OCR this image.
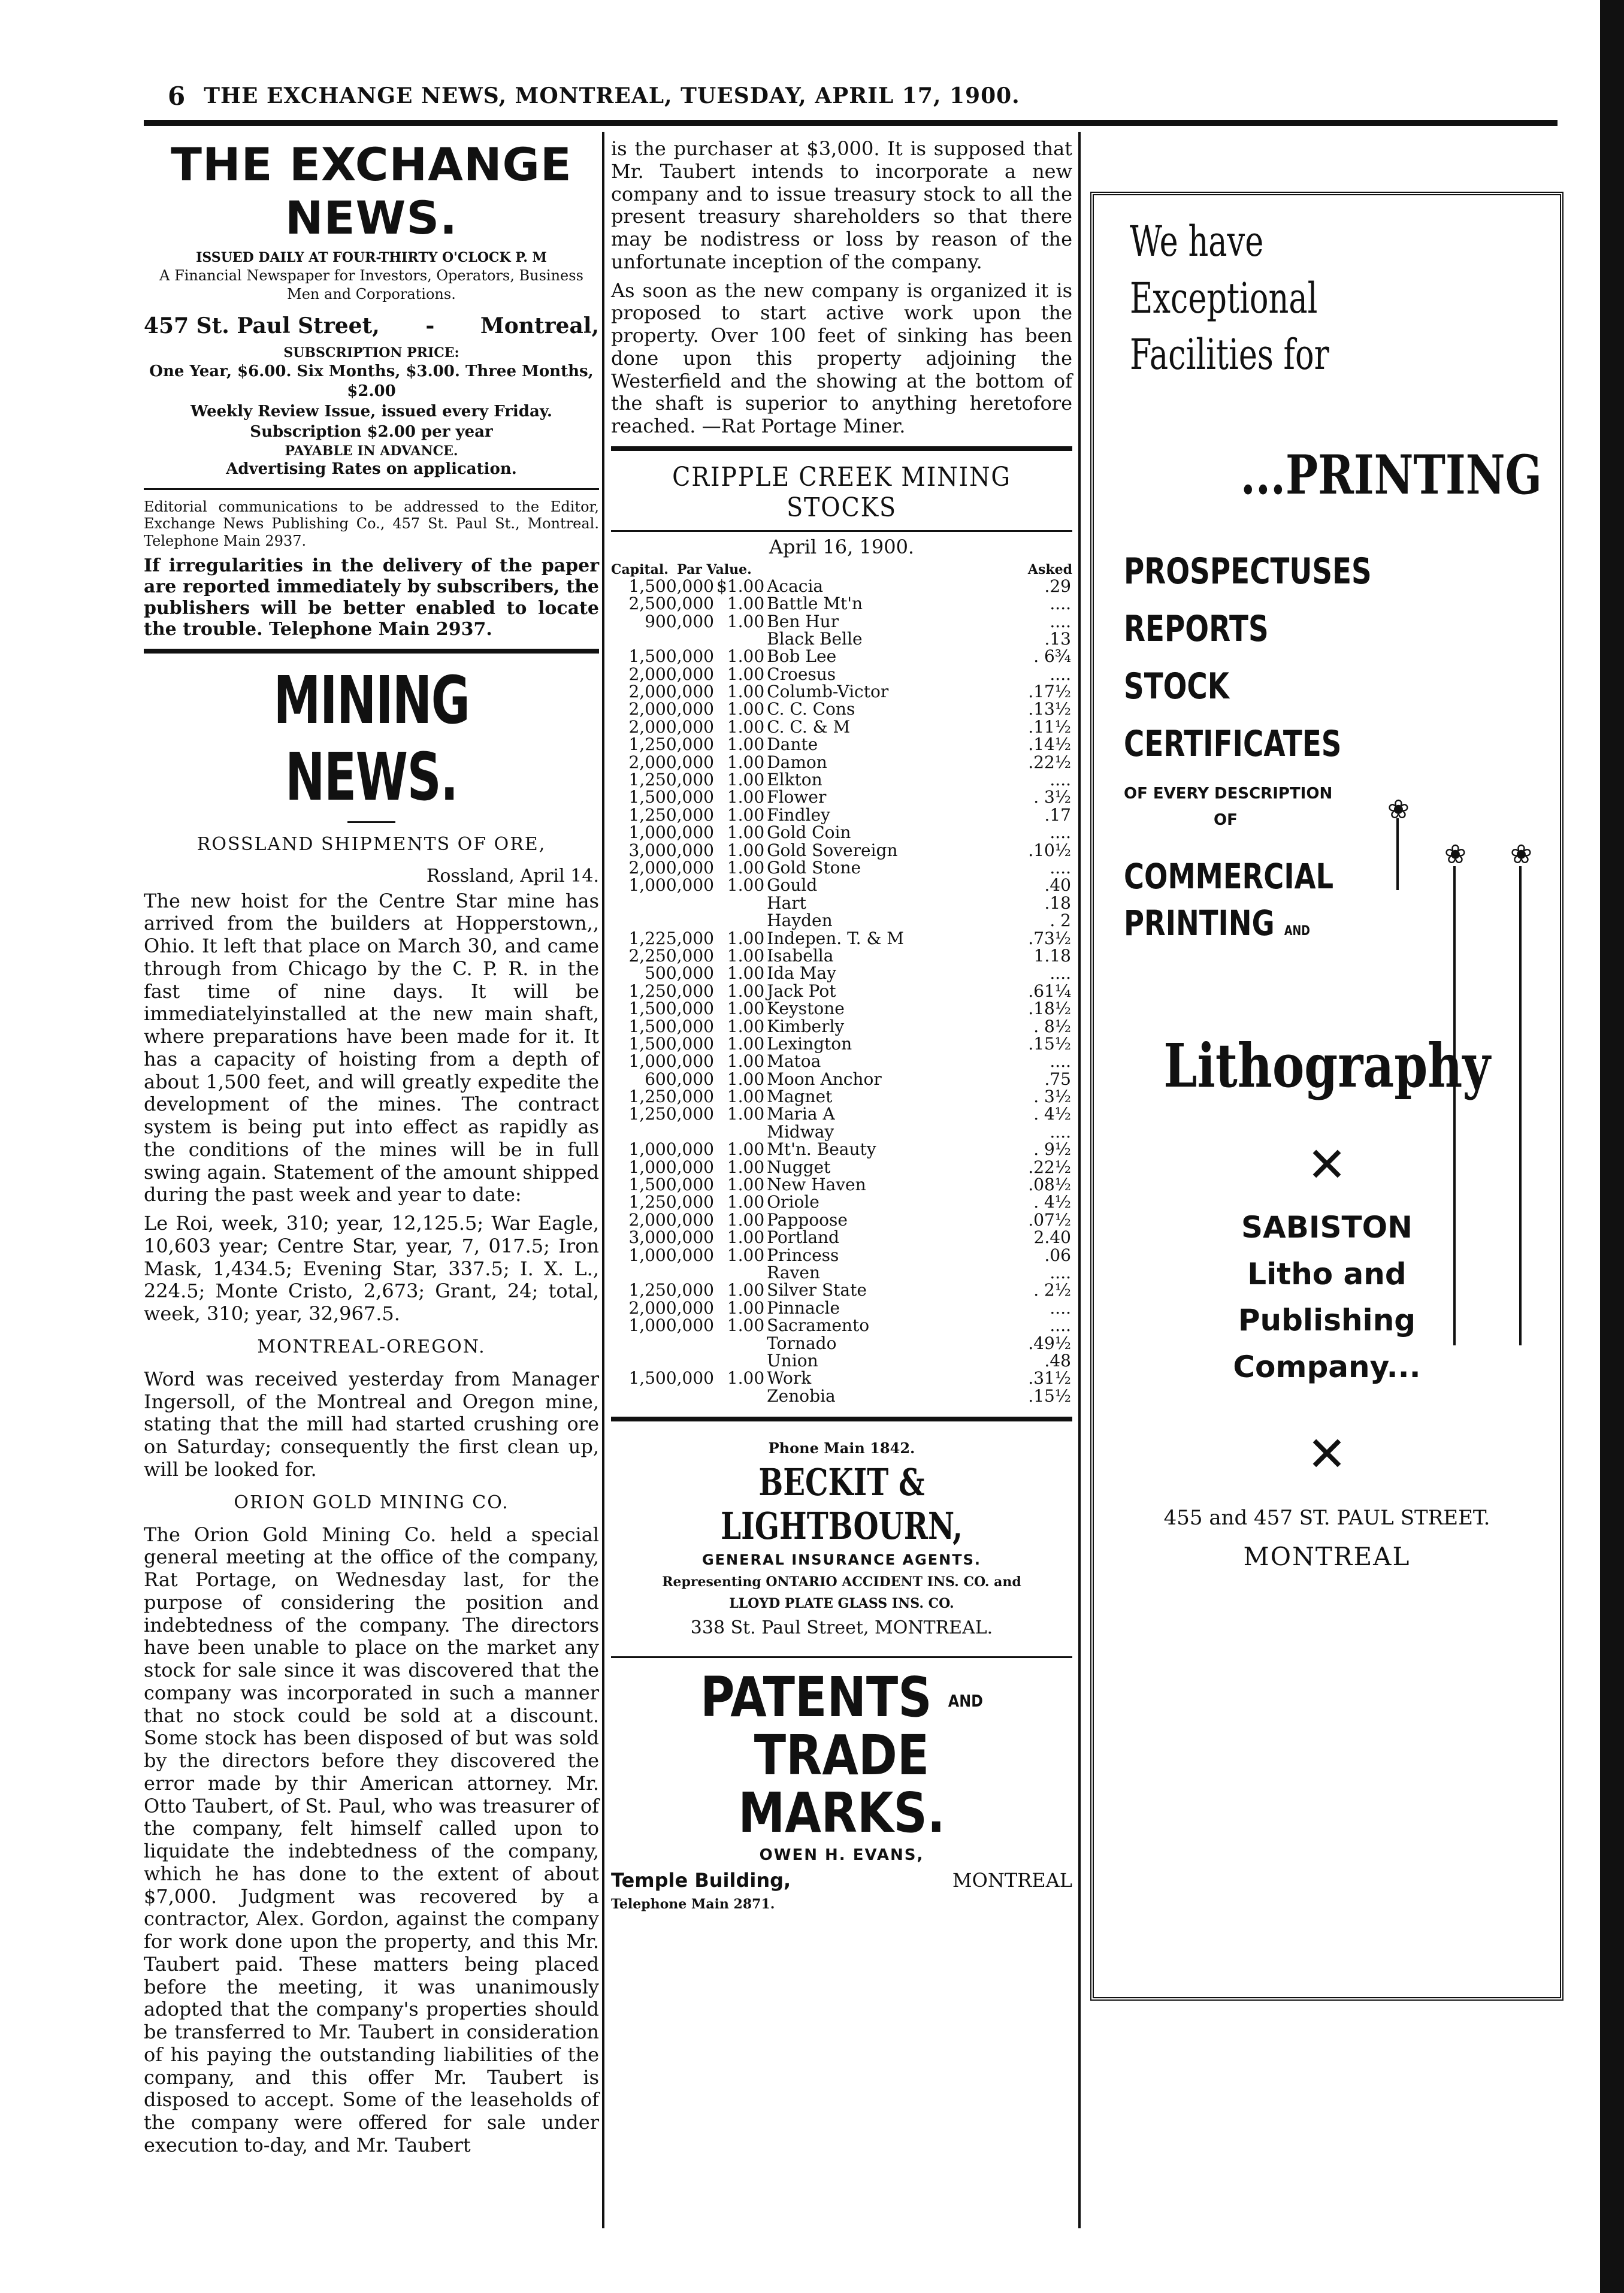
6 THE EXCHANGE NEWS, MONTREAL, TUESDAY, APRIL 17, 1900.
THE EXCHANGE NEWS.
ISSUED DAILY AT FOUR-THIRTY O'CLOCK P. M
A Financial Newspaper for Investors, Operators, Business Men and Corporations.
457 St. Paul Street, - Montreal,
SUBSCRIPTION PRICE:
One Year, $6.00. Six Months, $3.00. Three Months, $2.00
Weekly Review Issue, issued every Friday.
Subscription $2.00 per year
PAYABLE IN ADVANCE.
Advertising Rates on application.
Editorial communications to be addressed to the Editor, Exchange News Publishing Co., 457 St. Paul St., Montreal. Telephone Main 2937.
If irregularities in the delivery of the paper are reported immediately by subscribers, the publishers will be better enabled to locate the trouble. Telephone Main 2937.
MINING NEWS.
ROSSLAND SHIPMENTS OF ORE,
Rossland, April 14.
The new hoist for the Centre Star mine has arrived from the builders at Hopperstown,, Ohio. It left that place on March 30, and came through from Chicago by the C. P. R. in the fast time of nine days. It will be immediatelyinstalled at the new main shaft, where preparations have been made for it. It has a capacity of hoisting from a depth of about 1,500 feet, and will greatly expedite the development of the mines. The contract system is being put into effect as rapidly as the conditions of the mines will be in full swing again. Statement of the amount shipped during the past week and year to date:
Le Roi, week, 310; year, 12,125.5; War Eagle, 10,603 year; Centre Star, year, 7, 017.5; Iron Mask, 1,434.5; Evening Star, 337.5; I. X. L., 224.5; Monte Cristo, 2,673; Grant, 24; total, week, 310; year, 32,967.5.
MONTREAL-OREGON.
Word was received yesterday from Manager Ingersoll, of the Montreal and Oregon mine, stating that the mill had started crushing ore on Saturday; consequently the first clean up, will be looked for.
ORION GOLD MINING CO.
The Orion Gold Mining Co. held a special general meeting at the office of the company, Rat Portage, on Wednesday last, for the purpose of considering the position and indebtedness of the company. The directors have been unable to place on the market any stock for sale since it was discovered that the company was incorporated in such a manner that no stock could be sold at a discount. Some stock has been disposed of but was sold by the directors before they discovered the error made by thir American attorney. Mr. Otto Taubert, of St. Paul, who was treasurer of the company, felt himself called upon to liquidate the indebtedness of the company, which he has done to the extent of about $7,000. Judgment was recovered by a contractor, Alex. Gordon, against the company for work done upon the property, and this Mr. Taubert paid. These matters being placed before the meeting, it was unanimously adopted that the company's properties should be transferred to Mr. Taubert in consideration of his paying the outstanding liabilities of the company, and this offer Mr. Taubert is disposed to accept. Some of the leaseholds of the company were offered for sale under execution to-day, and Mr. Taubert
is the purchaser at $3,000. It is supposed that Mr. Taubert intends to incorporate a new company and to issue treasury stock to all the present treasury shareholders so that there may be nodistress or loss by reason of the unfortunate inception of the company.
As soon as the new company is organized it is proposed to start active work upon the property. Over 100 feet of sinking has been done upon this property adjoining the Westerfield and the showing at the bottom of the shaft is superior to anything heretofore reached. —Rat Portage Miner.
CRIPPLE CREEK MINING STOCKS
April 16, 1900.
Capital. Par Value.	Asked
1,500,000	$1.00	Acacia	.29
2,500,000	1.00	Battle Mt'n	....
900,000	1.00	Ben Hur	....
		Black Belle	.13
1,500,000	1.00	Bob Lee	. 6¾
2,000,000	1.00	Croesus	....
2,000,000	1.00	Columb-Victor	.17½
2,000,000	1.00	C. C. Cons	.13½
2,000,000	1.00	C. C. & M	.11½
1,250,000	1.00	Dante	.14½
2,000,000	1.00	Damon	.22½
1,250,000	1.00	Elkton	....
1,500,000	1.00	Flower	. 3½
1,250,000	1.00	Findley	.17
1,000,000	1.00	Gold Coin	....
3,000,000	1.00	Gold Sovereign	.10½
2,000,000	1.00	Gold Stone	....
1,000,000	1.00	Gould	.40
		Hart	.18
		Hayden	. 2
1,225,000	1.00	Indepen. T. & M	.73½
2,250,000	1.00	Isabella	1.18
500,000	1.00	Ida May	....
1,250,000	1.00	Jack Pot	.61¼
1,500,000	1.00	Keystone	.18½
1,500,000	1.00	Kimberly	. 8½
1,500,000	1.00	Lexington	.15½
1,000,000	1.00	Matoa	....
600,000	1.00	Moon Anchor	.75
1,250,000	1.00	Magnet	. 3½
1,250,000	1.00	Maria A	. 4½
		Midway	....
1,000,000	1.00	Mt'n. Beauty	. 9½
1,000,000	1.00	Nugget	.22½
1,500,000	1.00	New Haven	.08½
1,250,000	1.00	Oriole	. 4½
2,000,000	1.00	Pappoose	.07½
3,000,000	1.00	Portland	2.40
1,000,000	1.00	Princess	.06
		Raven	....
1,250,000	1.00	Silver State	. 2½
2,000,000	1.00	Pinnacle	....
1,000,000	1.00	Sacramento	....
		Tornado	.49½
		Union	.48
1,500,000	1.00	Work	.31½
		Zenobia	.15½
Phone Main 1842.
BECKIT & LIGHTBOURN,
GENERAL INSURANCE AGENTS.
Representing ONTARIO ACCIDENT INS. CO. and
LLOYD PLATE GLASS INS. CO.
338 St. Paul Street, MONTREAL.
PATENTS AND
TRADE MARKS.
OWEN H. EVANS,
Temple Building,	MONTREAL
Telephone Main 2871.
We have
Exceptional
Facilities for
...PRINTING
❀
❀ ❀
PROSPECTUSES
REPORTS
STOCK
CERTIFICATES
OF EVERY DESCRIPTION
OF
COMMERCIAL
PRINTING AND
Lithography
✕
SABISTON
Litho and
Publishing
Company...
✕
455 and 457 ST. PAUL STREET.
MONTREAL
